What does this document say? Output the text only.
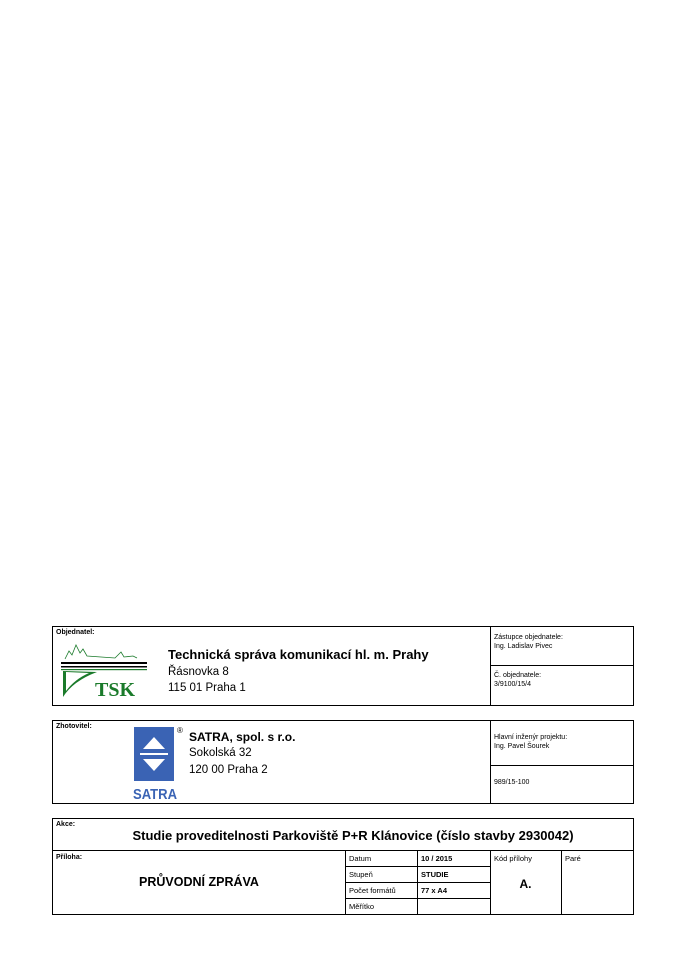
Objednatel:
TSK
Technická správa komunikací hl. m. Prahy
Řásnovka 8
115 01 Praha 1
Zástupce objednatele:
Ing. Ladislav Pivec
Č. objednatele:
3/9100/15/4
Zhotovitel:
SATRA
® SATRA, spol. s r.o.
Sokolská 32
120 00 Praha 2
Hlavní inženýr projektu:
Ing. Pavel Šourek
989/15-100
Akce:
Studie proveditelnosti Parkoviště P+R Klánovice (číslo stavby 2930042)
Příloha:
PRŮVODNÍ ZPRÁVA
Datum	10 / 2015
Stupeň	STUDIE
Počet formátů	77 x A4
Měřítko
Kód přílohy
A.
Paré
